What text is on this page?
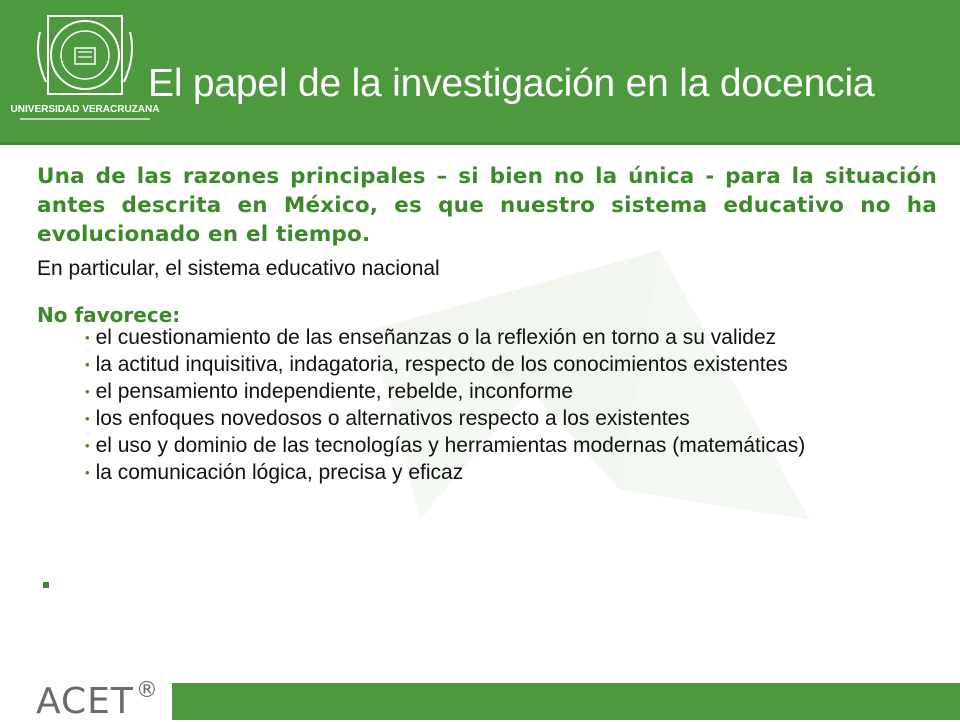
UNIVERSIDAD VERACRUZANA
El papel de la investigación en la docencia

Una de las razones principales – si bien no la única - para la situación antes descrita en México, es que nuestro sistema educativo no ha evolucionado en el tiempo.

En particular, el sistema educativo nacional
No favorece:
• el cuestionamiento de las enseñanzas o la reflexión en torno a su validez
• la actitud inquisitiva, indagatoria, respecto de los conocimientos existentes
• el pensamiento independiente, rebelde, inconforme
• los enfoques novedosos o alternativos respecto a los existentes
• el uso y dominio de las tecnologías y herramientas modernas (matemáticas)
• la comunicación lógica, precisa y eficaz
ACET®
